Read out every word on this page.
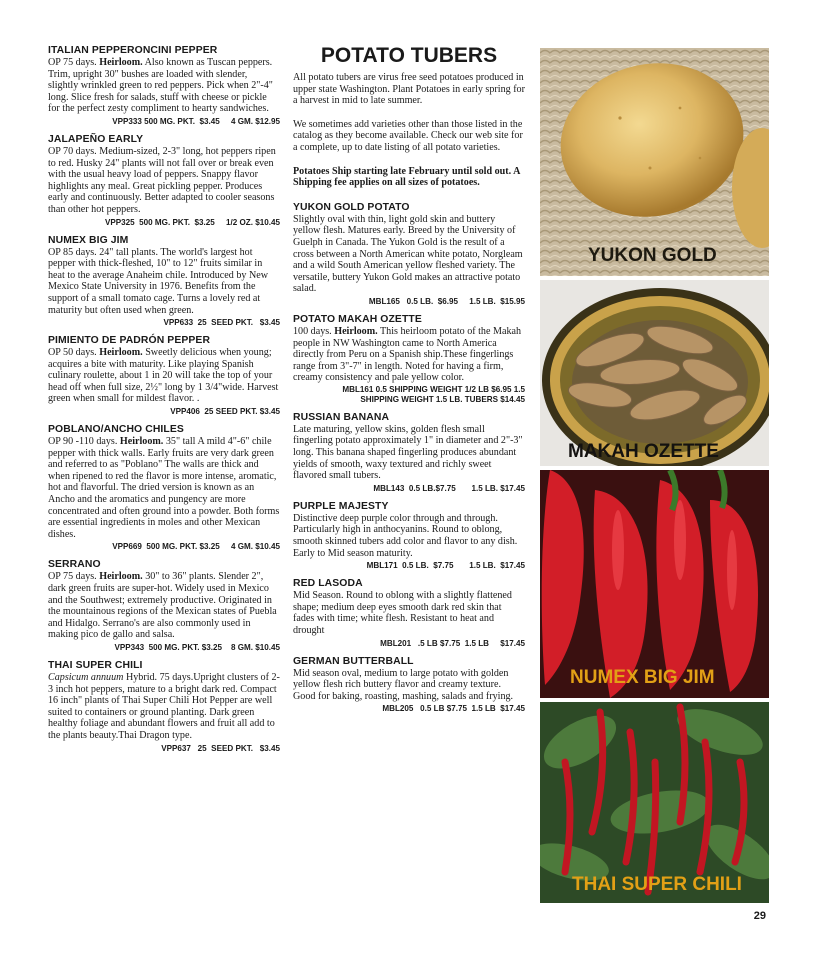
ITALIAN PEPPERONCINI PEPPER

OP 75 days. Heirloom. Also known as Tuscan peppers. Trim, upright 30" bushes are loaded with slender, slightly wrinkled green to red peppers. Pick when 2"-4" long. Slice fresh for salads, stuff with cheese or pickle for the perfect zesty compliment to hearty sandwiches.

VPP333 500 MG. PKT.  $3.45     4 GM. $12.95
JALAPEÑO EARLY

OP 70 days. Medium-sized, 2-3" long, hot peppers ripen to red. Husky 24" plants will not fall over or break even with the usual heavy load of peppers. Snappy flavor highlights any meal. Great pickling pepper. Produces early and continuously. Better adapted to cooler seasons than other hot peppers.

VPP325  500 MG. PKT.  $3.25     1/2 OZ. $10.45
NUMEX BIG JIM

OP 85 days. 24" tall plants. The world's largest hot pepper with thick-fleshed, 10" to 12" fruits similar in heat to the average Anaheim chile. Introduced by New Mexico State University in 1976. Benefits from the support of a small tomato cage. Turns a lovely red at maturity but often used when green.

VPP633  25  SEED PKT.   $3.45
PIMIENTO DE PADRÓN PEPPER

OP 50 days. Heirloom. Sweetly delicious when young; acquires a bite with maturity. Like playing Spanish culinary roulette, about 1 in 20 will take the top of your head off when full size, 2½" long by 1 3/4"wide. Harvest green when small for mildest flavor. .

VPP406  25 SEED PKT. $3.45
POBLANO/ANCHO CHILES

OP 90 -110 days. Heirloom. 35" tall A mild 4"-6" chile pepper with thick walls. Early fruits are very dark green and referred to as "Poblano" The walls are thick and when ripened to red the flavor is more intense, aromatic, hot and flavorful. The dried version is known as an Ancho and the aromatics and pungency are more concentrated and often ground into a powder. Both forms are essential ingredients in moles and other Mexican dishes.

VPP669  500 MG. PKT. $3.25     4 GM. $10.45
SERRANO

OP 75 days. Heirloom. 30" to 36" plants. Slender 2", dark green fruits are super-hot. Widely used in Mexico and the Southwest; extremely productive. Originated in the mountainous regions of the Mexican states of Puebla and Hidalgo. Serrano's are also commonly used in making pico de gallo and salsa.

VPP343  500 MG. PKT. $3.25    8 GM. $10.45
THAI SUPER CHILI

Capsicum annuum Hybrid. 75 days.Upright clusters of 2-3 inch hot peppers, mature to a bright dark red. Compact 16 inch" plants of Thai Super Chili Hot Pepper are well suited to containers or ground planting. Dark green healthy foliage and abundant flowers and fruit all add to the plants beauty.Thai Dragon type.

VPP637   25  SEED PKT.   $3.45
POTATO TUBERS

All potato tubers are virus free seed potatoes produced in upper state Washington. Plant Potatoes in early spring for a harvest in mid to late summer.

We sometimes add varieties other than those listed in the catalog as they become available. Check our web site for a complete, up to date listing of all potato varieties.

Potatoes Ship starting late February until sold out. A Shipping fee applies on all sizes of potatoes.

YUKON GOLD POTATO

Slightly oval with thin, light gold skin and buttery yellow flesh. Matures early. Breed by the University of Guelph in Canada. The Yukon Gold is the result of a cross between a North American white potato, Norgleam and a wild South American yellow fleshed variety. The versatile, buttery Yukon Gold makes an attractive potato salad.

MBL165   0.5 LB.  $6.95     1.5 LB.  $15.95
POTATO MAKAH OZETTE

100 days. Heirloom. This heirloom potato of the Makah people in NW Washington came to North America directly from Peru on a Spanish ship.These fingerlings range from 3"-7" in length. Noted for having a firm, creamy consistency and pale yellow color.

MBL161 0.5 SHIPPING WEIGHT 1/2 LB $6.95 1.5
SHIPPING WEIGHT 1.5 LB. TUBERS $14.45
RUSSIAN BANANA

Late maturing, yellow skins, golden flesh small fingerling potato approximately 1" in diameter and 2"-3" long. This banana shaped fingerling produces abundant yields of smooth, waxy textured and richly sweet flavored small tubers.

MBL143  0.5 LB.$7.75       1.5 LB. $17.45
PURPLE MAJESTY

Distinctive deep purple color through and through. Particularly high in anthocyanins. Round to oblong, smooth skinned tubers add color and flavor to any dish. Early to Mid season maturity.

MBL171  0.5 LB.  $7.75       1.5 LB.  $17.45
RED LASODA

Mid Season. Round to oblong with a slightly flattened shape; medium deep eyes smooth dark red skin that fades with time; white flesh. Resistant to heat and drought

MBL201   .5 LB $7.75  1.5 LB     $17.45
GERMAN BUTTERBALL

Mid season oval, medium to large potato with golden yellow flesh rich buttery flavor and creamy texture. Good for baking, roasting, mashing, salads and frying.

MBL205   0.5 LB $7.75  1.5 LB  $17.45
YUKON GOLD
MAKAH OZETTE
NUMEX BIG JIM
THAI SUPER CHILI
29
